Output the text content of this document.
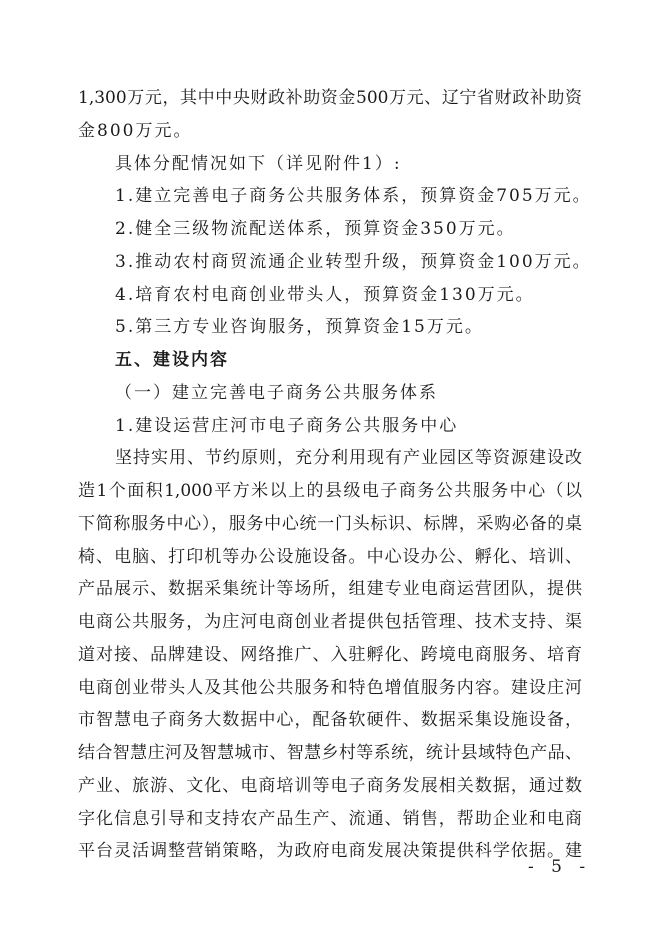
1,300万元，其中中央财政补助资金500万元、辽宁省财政补助资
金800万元。
具体分配情况如下（详见附件1）:
1.建立完善电子商务公共服务体系，预算资金705万元。
2.健全三级物流配送体系，预算资金350万元。
3.推动农村商贸流通企业转型升级，预算资金100万元。
4.培育农村电商创业带头人，预算资金130万元。
5.第三方专业咨询服务，预算资金15万元。
五、建设内容
（一）建立完善电子商务公共服务体系
1.建设运营庄河市电子商务公共服务中心
坚持实用、节约原则，充分利用现有产业园区等资源建设改
造1个面积1,000平方米以上的县级电子商务公共服务中心（以
下简称服务中心），服务中心统一门头标识、标牌，采购必备的桌
椅、电脑、打印机等办公设施设备。中心设办公、孵化、培训、
产品展示、数据采集统计等场所，组建专业电商运营团队，提供
电商公共服务，为庄河电商创业者提供包括管理、技术支持、渠
道对接、品牌建设、网络推广、入驻孵化、跨境电商服务、培育
电商创业带头人及其他公共服务和特色增值服务内容。建设庄河
市智慧电子商务大数据中心，配备软硬件、数据采集设施设备，
结合智慧庄河及智慧城市、智慧乡村等系统，统计县域特色产品、
产业、旅游、文化、电商培训等电子商务发展相关数据，通过数
字化信息引导和支持农产品生产、流通、销售，帮助企业和电商
平台灵活调整营销策略，为政府电商发展决策提供科学依据。建
- 5 -
